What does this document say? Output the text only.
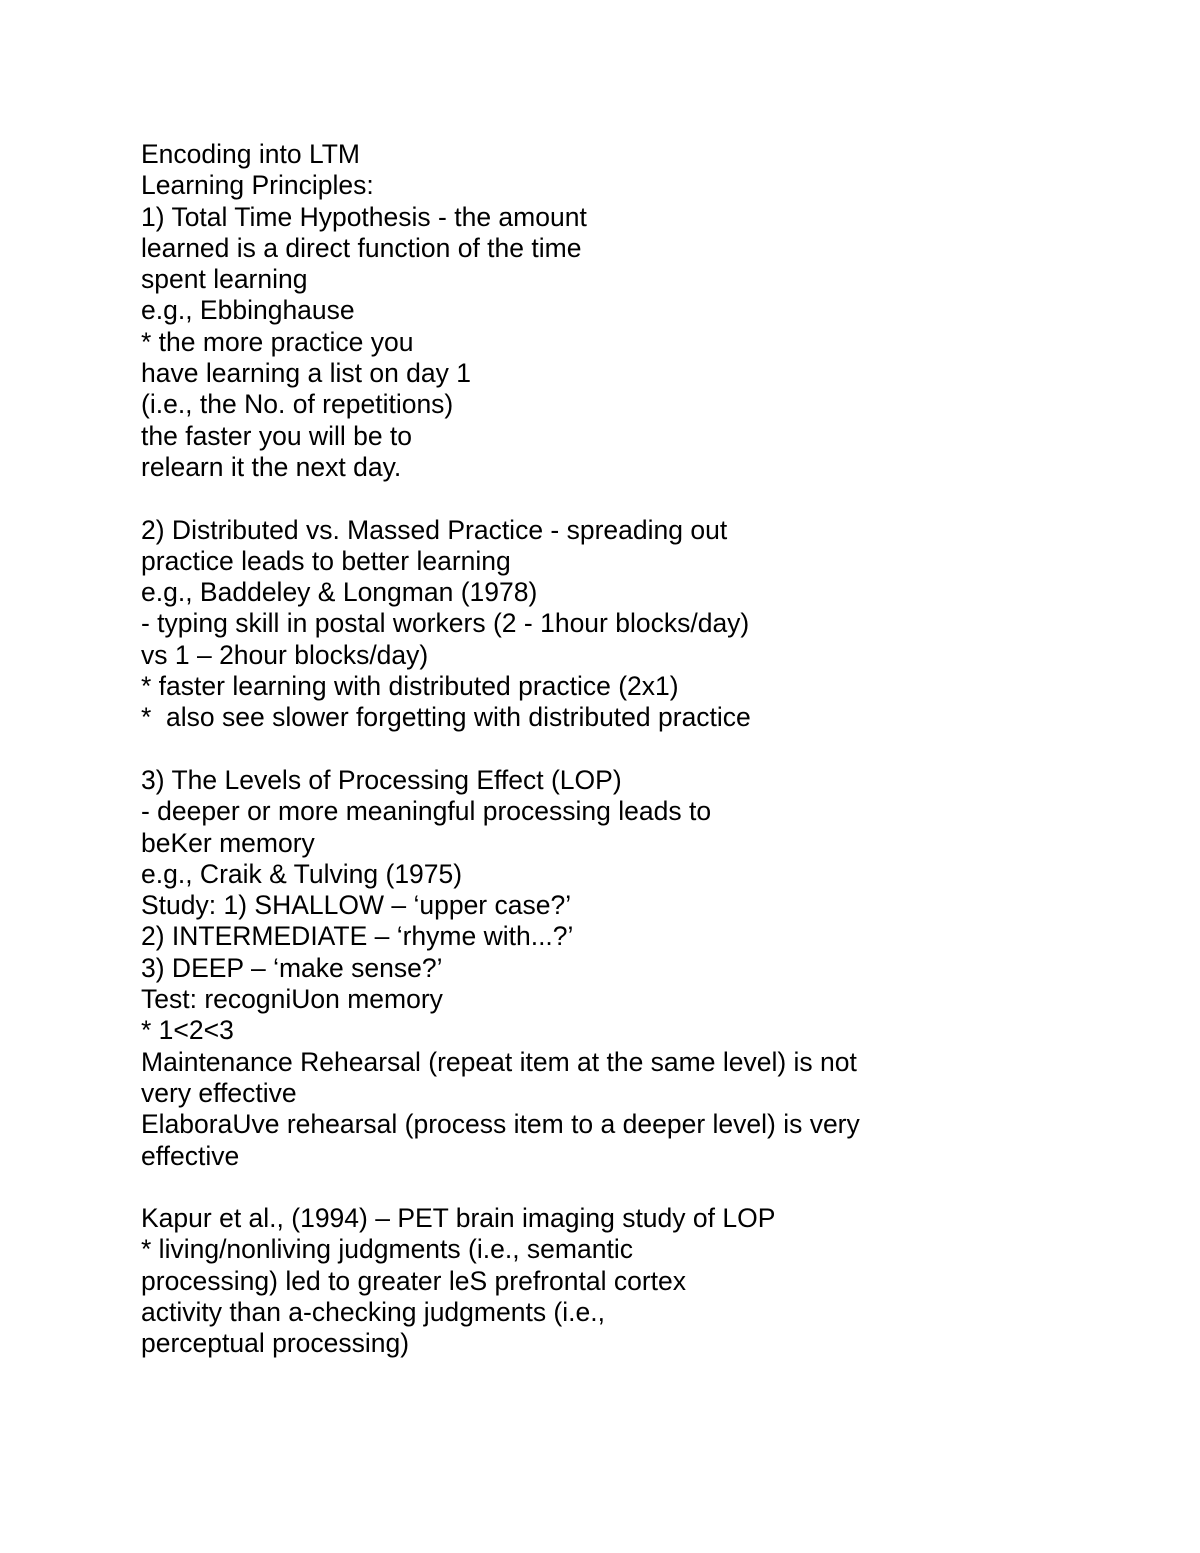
Encoding into LTM
Learning Principles:
1) Total Time Hypothesis - the amount
learned is a direct function of the time
spent learning
e.g., Ebbinghause
* the more practice you
have learning a list on day 1
(i.e., the No. of repetitions)
the faster you will be to
relearn it the next day.
2) Distributed vs. Massed Practice - spreading out
practice leads to better learning
e.g., Baddeley & Longman (1978)
- typing skill in postal workers (2 - 1hour blocks/day)
vs 1 – 2hour blocks/day)
* faster learning with distributed practice (2x1)
*  also see slower forgetting with distributed practice
3) The Levels of Processing Effect (LOP)
- deeper or more meaningful processing leads to
beKer memory
e.g., Craik & Tulving (1975)
Study: 1) SHALLOW – ‘upper case?’
2) INTERMEDIATE – ‘rhyme with...?’
3) DEEP – ‘make sense?’
Test: recogniUon memory
* 1<2<3
Maintenance Rehearsal (repeat item at the same level) is not
very effective
ElaboraUve rehearsal (process item to a deeper level) is very
effective
Kapur et al., (1994) – PET brain imaging study of LOP
* living/nonliving judgments (i.e., semantic
processing) led to greater leS prefrontal cortex
activity than a-checking judgments (i.e.,
perceptual processing)
